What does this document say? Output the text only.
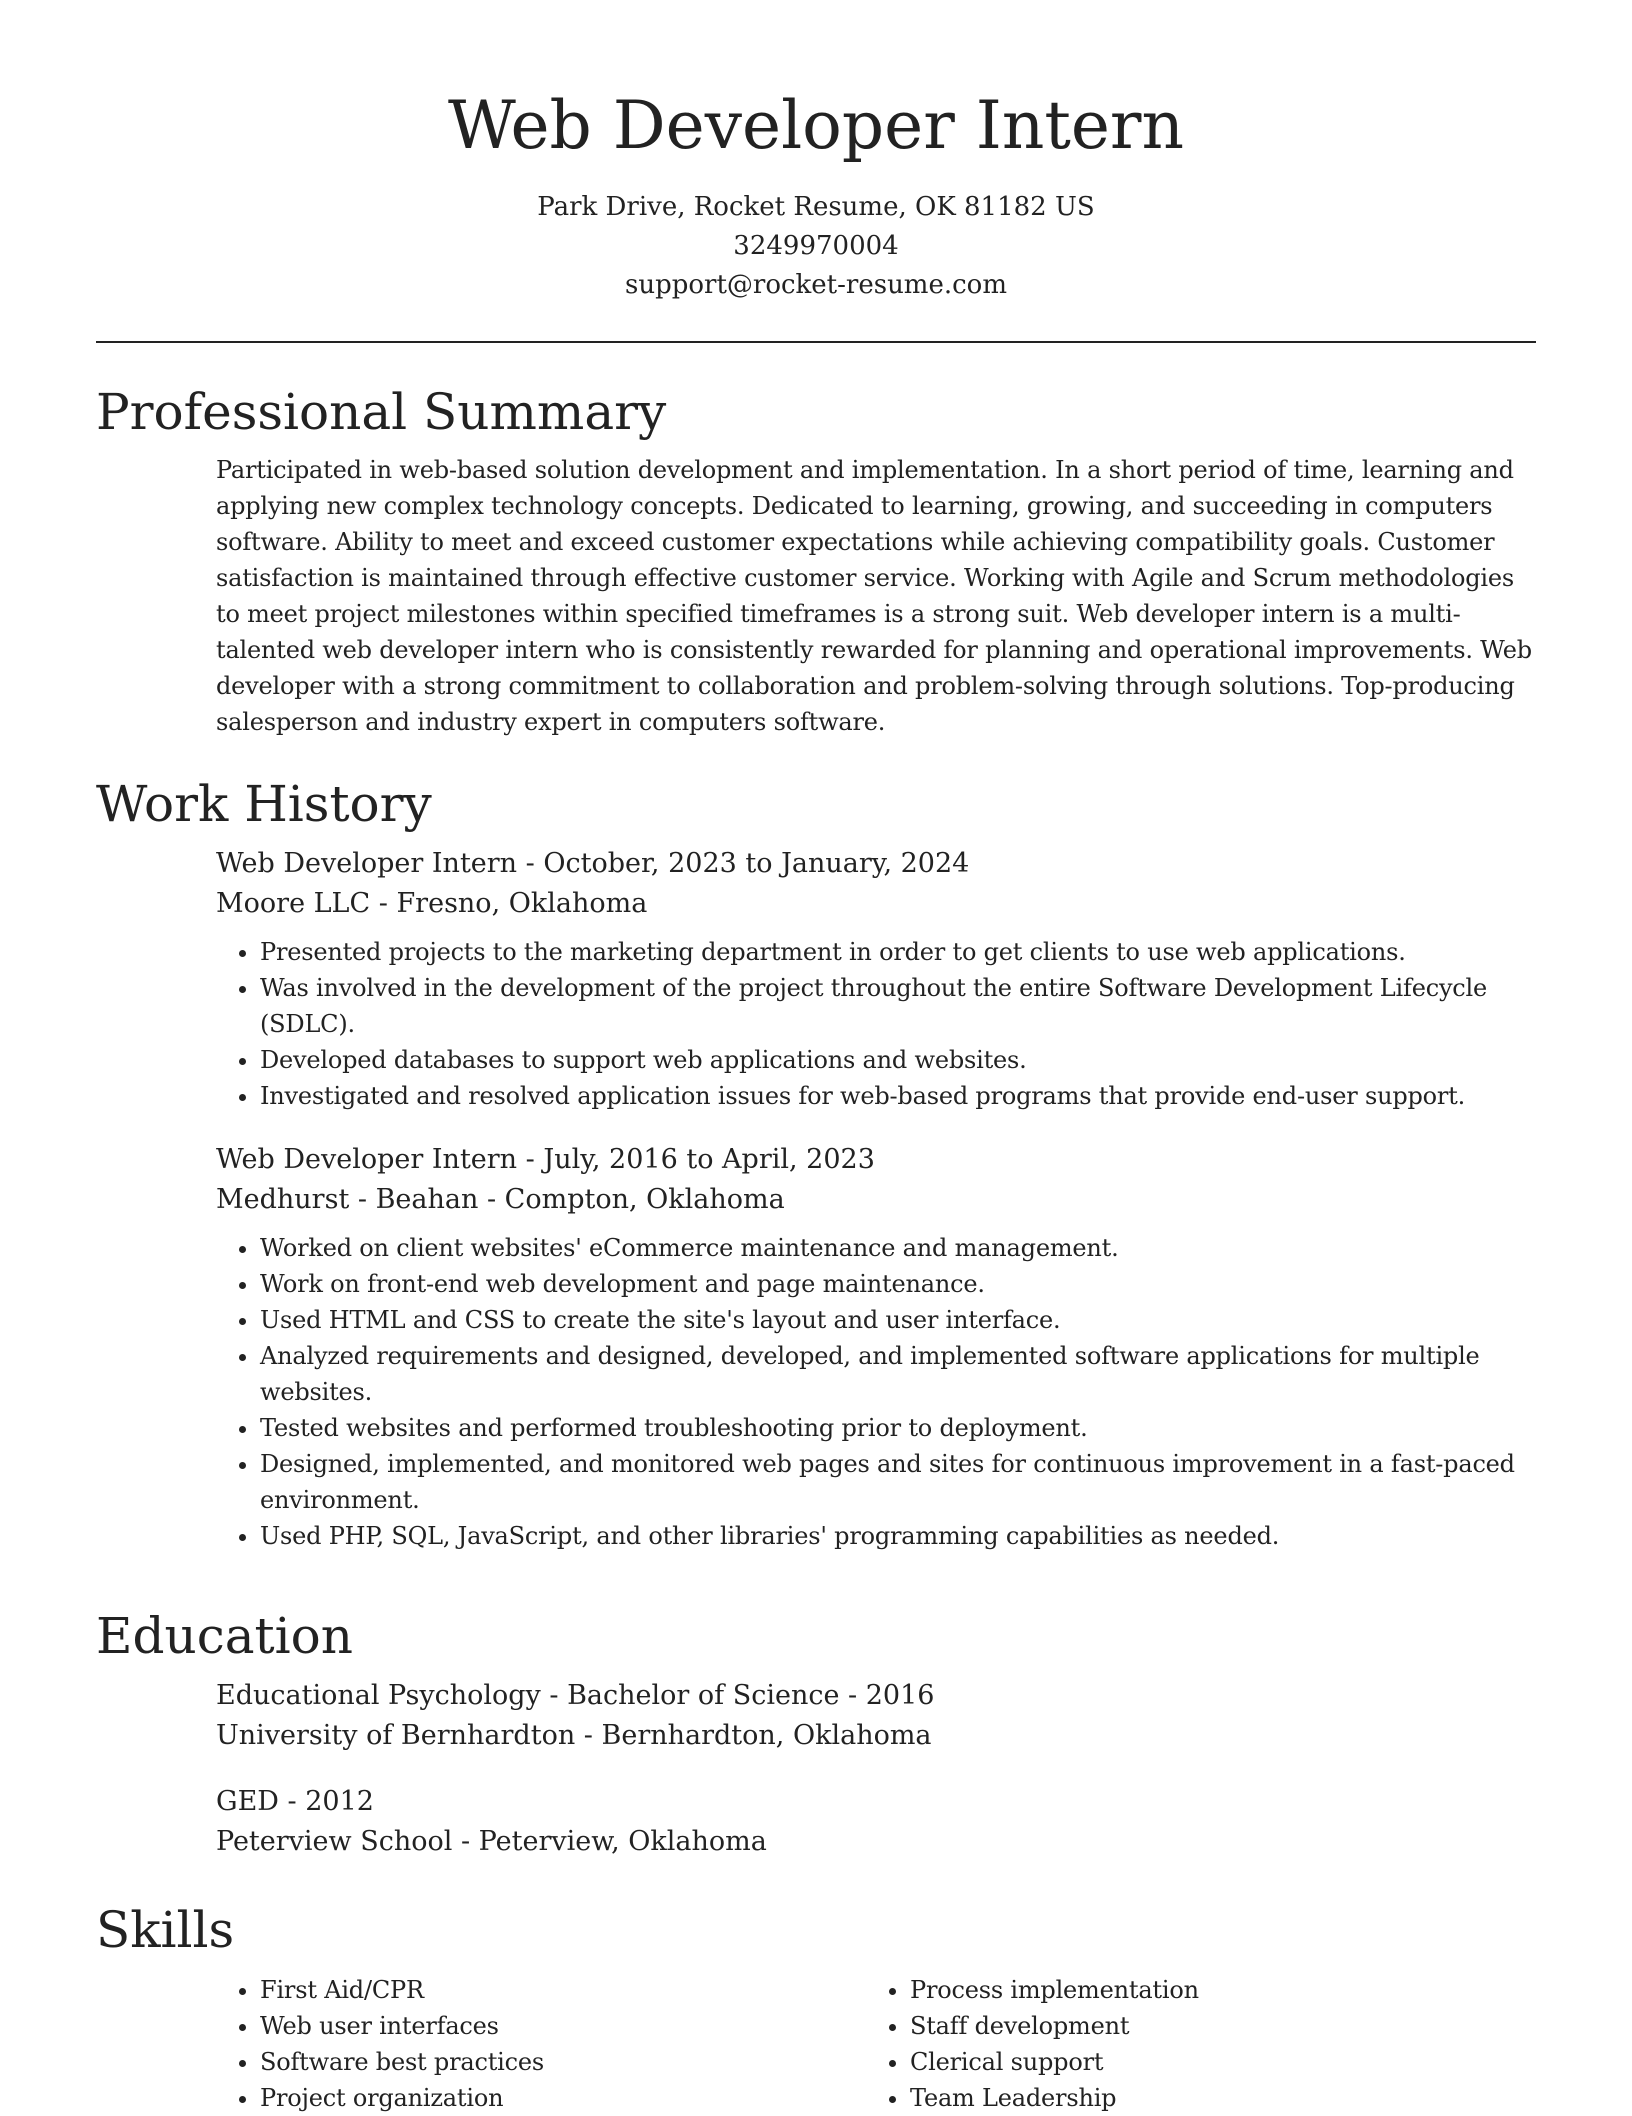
Web Developer Intern

Park Drive, Rocket Resume, OK 81182 US

3249970004

support@rocket-resume.com

Professional Summary

Participated in web-based solution development and implementation. In a short period of time, learning and applying new complex technology concepts. Dedicated to learning, growing, and succeeding in computers software. Ability to meet and exceed customer expectations while achieving compatibility goals. Customer satisfaction is maintained through effective customer service. Working with Agile and Scrum methodologies to meet project milestones within specified timeframes is a strong suit. Web developer intern is a multi-talented web developer intern who is consistently rewarded for planning and operational improvements. Web developer with a strong commitment to collaboration and problem-solving through solutions. Top-producing salesperson and industry expert in computers software.

Work History

Web Developer Intern - October, 2023 to January, 2024

Moore LLC - Fresno, Oklahoma

• Presented projects to the marketing department in order to get clients to use web applications.
• Was involved in the development of the project throughout the entire Software Development Lifecycle (SDLC).
• Developed databases to support web applications and websites.
• Investigated and resolved application issues for web-based programs that provide end-user support.

Web Developer Intern - July, 2016 to April, 2023

Medhurst - Beahan - Compton, Oklahoma

• Worked on client websites' eCommerce maintenance and management.
• Work on front-end web development and page maintenance.
• Used HTML and CSS to create the site's layout and user interface.
• Analyzed requirements and designed, developed, and implemented software applications for multiple websites.
• Tested websites and performed troubleshooting prior to deployment.
• Designed, implemented, and monitored web pages and sites for continuous improvement in a fast-paced environment.
• Used PHP, SQL, JavaScript, and other libraries' programming capabilities as needed.
Education

Educational Psychology - Bachelor of Science - 2016

University of Bernhardton - Bernhardton, Oklahoma

GED - 2012

Peterview School - Peterview, Oklahoma

Skills
• First Aid/CPR
• Web user interfaces
• Software best practices
• Project organization
• Process implementation
• Staff development
• Clerical support
• Team Leadership
